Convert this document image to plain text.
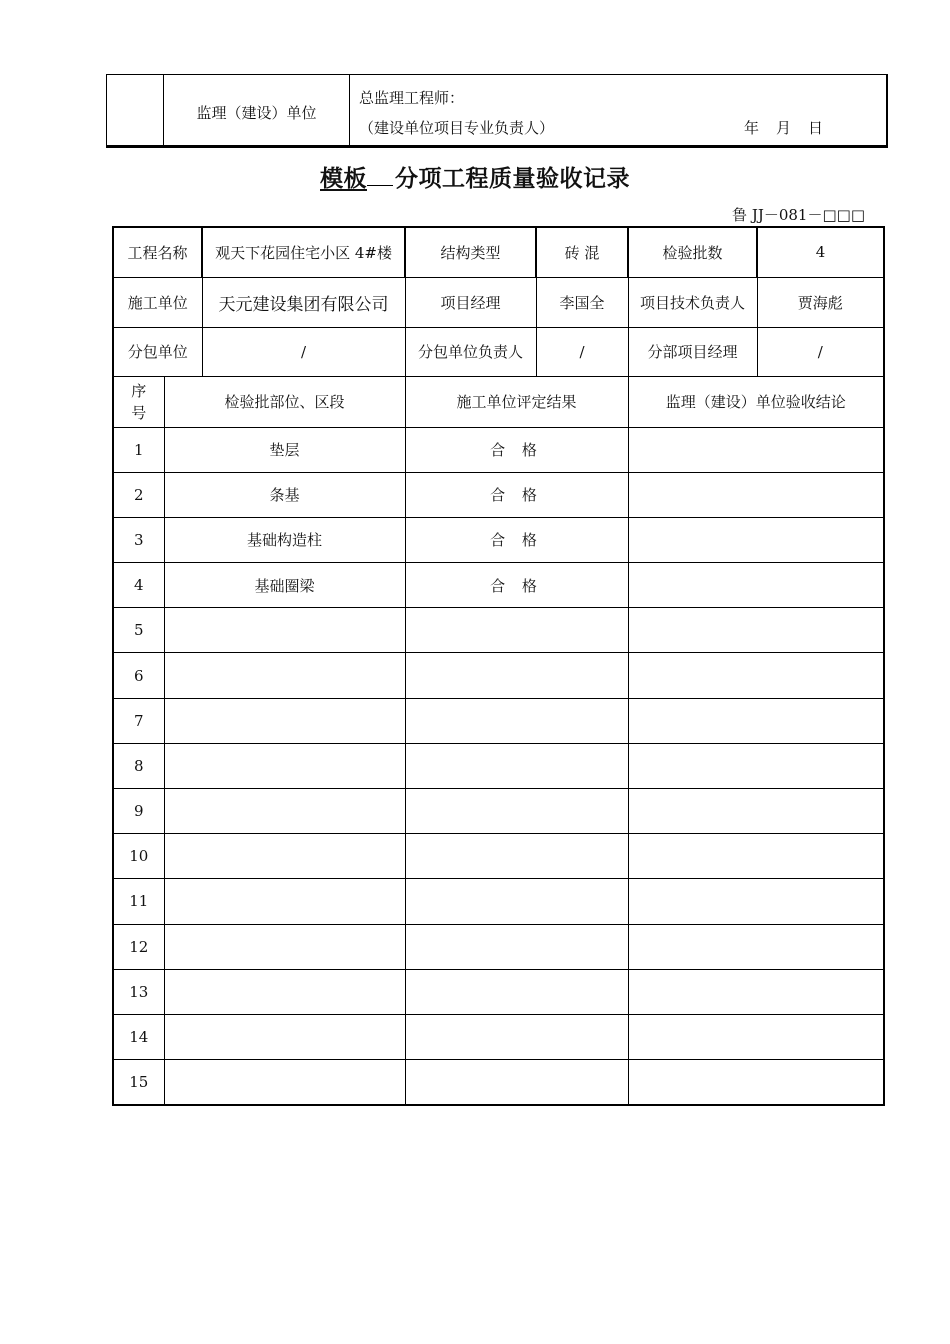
监理（建设）单位
总监理工程师：
（建设单位项目专业负责人）	年 月 日
模板 分项工程质量验收记录
鲁 JJ－081－□□□
工程名称		观天下花园住宅小区 4#楼	结构类型	砖 混	检验批数	4
施工单位		天元建设集团有限公司	项目经理	李国全	项目技术负责人	贾海彪
分包单位		/	分包单位负责人	/	分部项目经理	/

序
号	检验批部位、区段		施工单位评定结果		监理（建设）单位验收结论	
1	垫层		合 格			
2	条基		合 格			
3	基础构造柱		合 格			
4	基础圈梁		合 格			
5						
6						
7						
8						
9						
10						
11						
12						
13						
14						
15						
